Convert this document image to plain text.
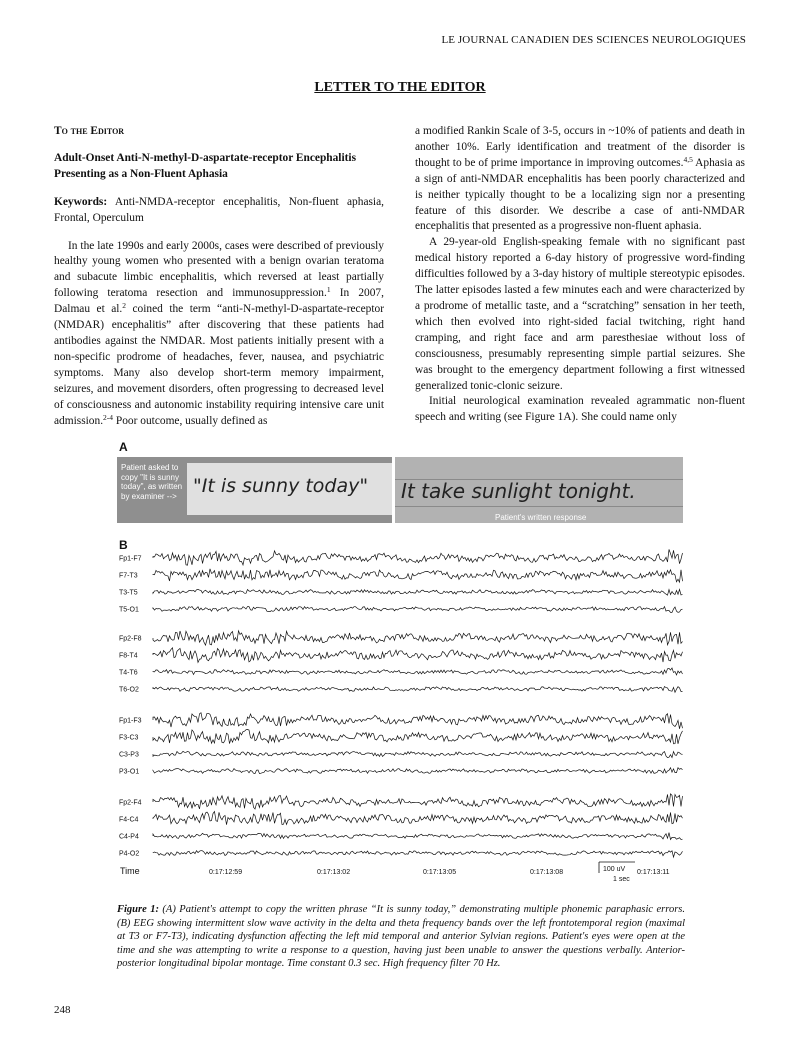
LE JOURNAL CANADIEN DES SCIENCES NEUROLOGIQUES
LETTER TO THE EDITOR
To the Editor
Adult-Onset Anti-N-methyl-D-aspartate-receptor Encephalitis Presenting as a Non-Fluent Aphasia
Keywords: Anti-NMDA-receptor encephalitis, Non-fluent aphasia, Frontal, Operculum

In the late 1990s and early 2000s, cases were described of previously healthy young women who presented with a benign ovarian teratoma and subacute limbic encephalitis, which reversed at least partially following teratoma resection and immunosuppression.$^1$ In 2007, Dalmau et al.$^2$ coined the term “anti-N-methyl-D-aspartate-receptor (NMDAR) encephalitis” after discovering that these patients had antibodies against the NMDAR. Most patients initially present with a non-specific prodrome of headaches, fever, nausea, and psychiatric symptoms. Many also develop short-term memory impairment, seizures, and movement disorders, often progressing to decreased level of consciousness and autonomic instability requiring intensive care unit admission.$^{2-4}$ Poor outcome, usually defined as

a modified Rankin Scale of 3-5, occurs in ~10% of patients and death in another 10%. Early identification and treatment of the disorder is thought to be of prime importance in improving outcomes.$^{4,5}$ Aphasia as a sign of anti-NMDAR encephalitis has been poorly characterized and is neither typically thought to be a localizing sign nor a presenting feature of this disorder. We describe a case of anti-NMDAR encephalitis that presented as a progressive non-fluent aphasia.

A 29-year-old English-speaking female with no significant past medical history reported a 6-day history of progressive word-finding difficulties followed by a 3-day history of multiple stereotypic episodes. The latter episodes lasted a few minutes each and were characterized by a prodrome of metallic taste, and a “scratching” sensation in her teeth, which then evolved into right-sided facial twitching, right hand cramping, and right face and arm paresthesiae without loss of consciousness, presumably representing simple partial seizures. She was brought to the emergency department following a first witnessed generalized tonic-clonic seizure.

Initial neurological examination revealed agrammatic non-fluent speech and writing (see Figure 1A). She could name only

A
Patient asked to copy "It is sunny today", as written by examiner --> "It is sunny today" It take sunlight tonight.
Patient's written response
B
Fp1-F7
F7-T3
T3-T5
T5-O1
Fp2-F8
F8-T4
T4-T6
T6-O2
Fp1-F3
F3-C3
C3-P3
P3-O1
Fp2-F4
F4-C4
C4-P4
P4-O2
0:17:12:59	0:17:13:02	0:17:13:05	0:17:13:08	0:17:13:11
100 uV
1 sec
Time
Figure 1: (A) Patient's attempt to copy the written phrase “It is sunny today,” demonstrating multiple phonemic paraphasic errors. (B) EEG showing intermittent slow wave activity in the delta and theta frequency bands over the left frontotemporal region (maximal at T3 or F7-T3), indicating dysfunction affecting the left mid temporal and anterior Sylvian regions. Patient's eyes were open at the time and she was attempting to write a response to a question, having just been unable to answer the questions verbally. Anterior-posterior longitudinal bipolar montage. Time constant 0.3 sec. High frequency filter 70 Hz.
248
